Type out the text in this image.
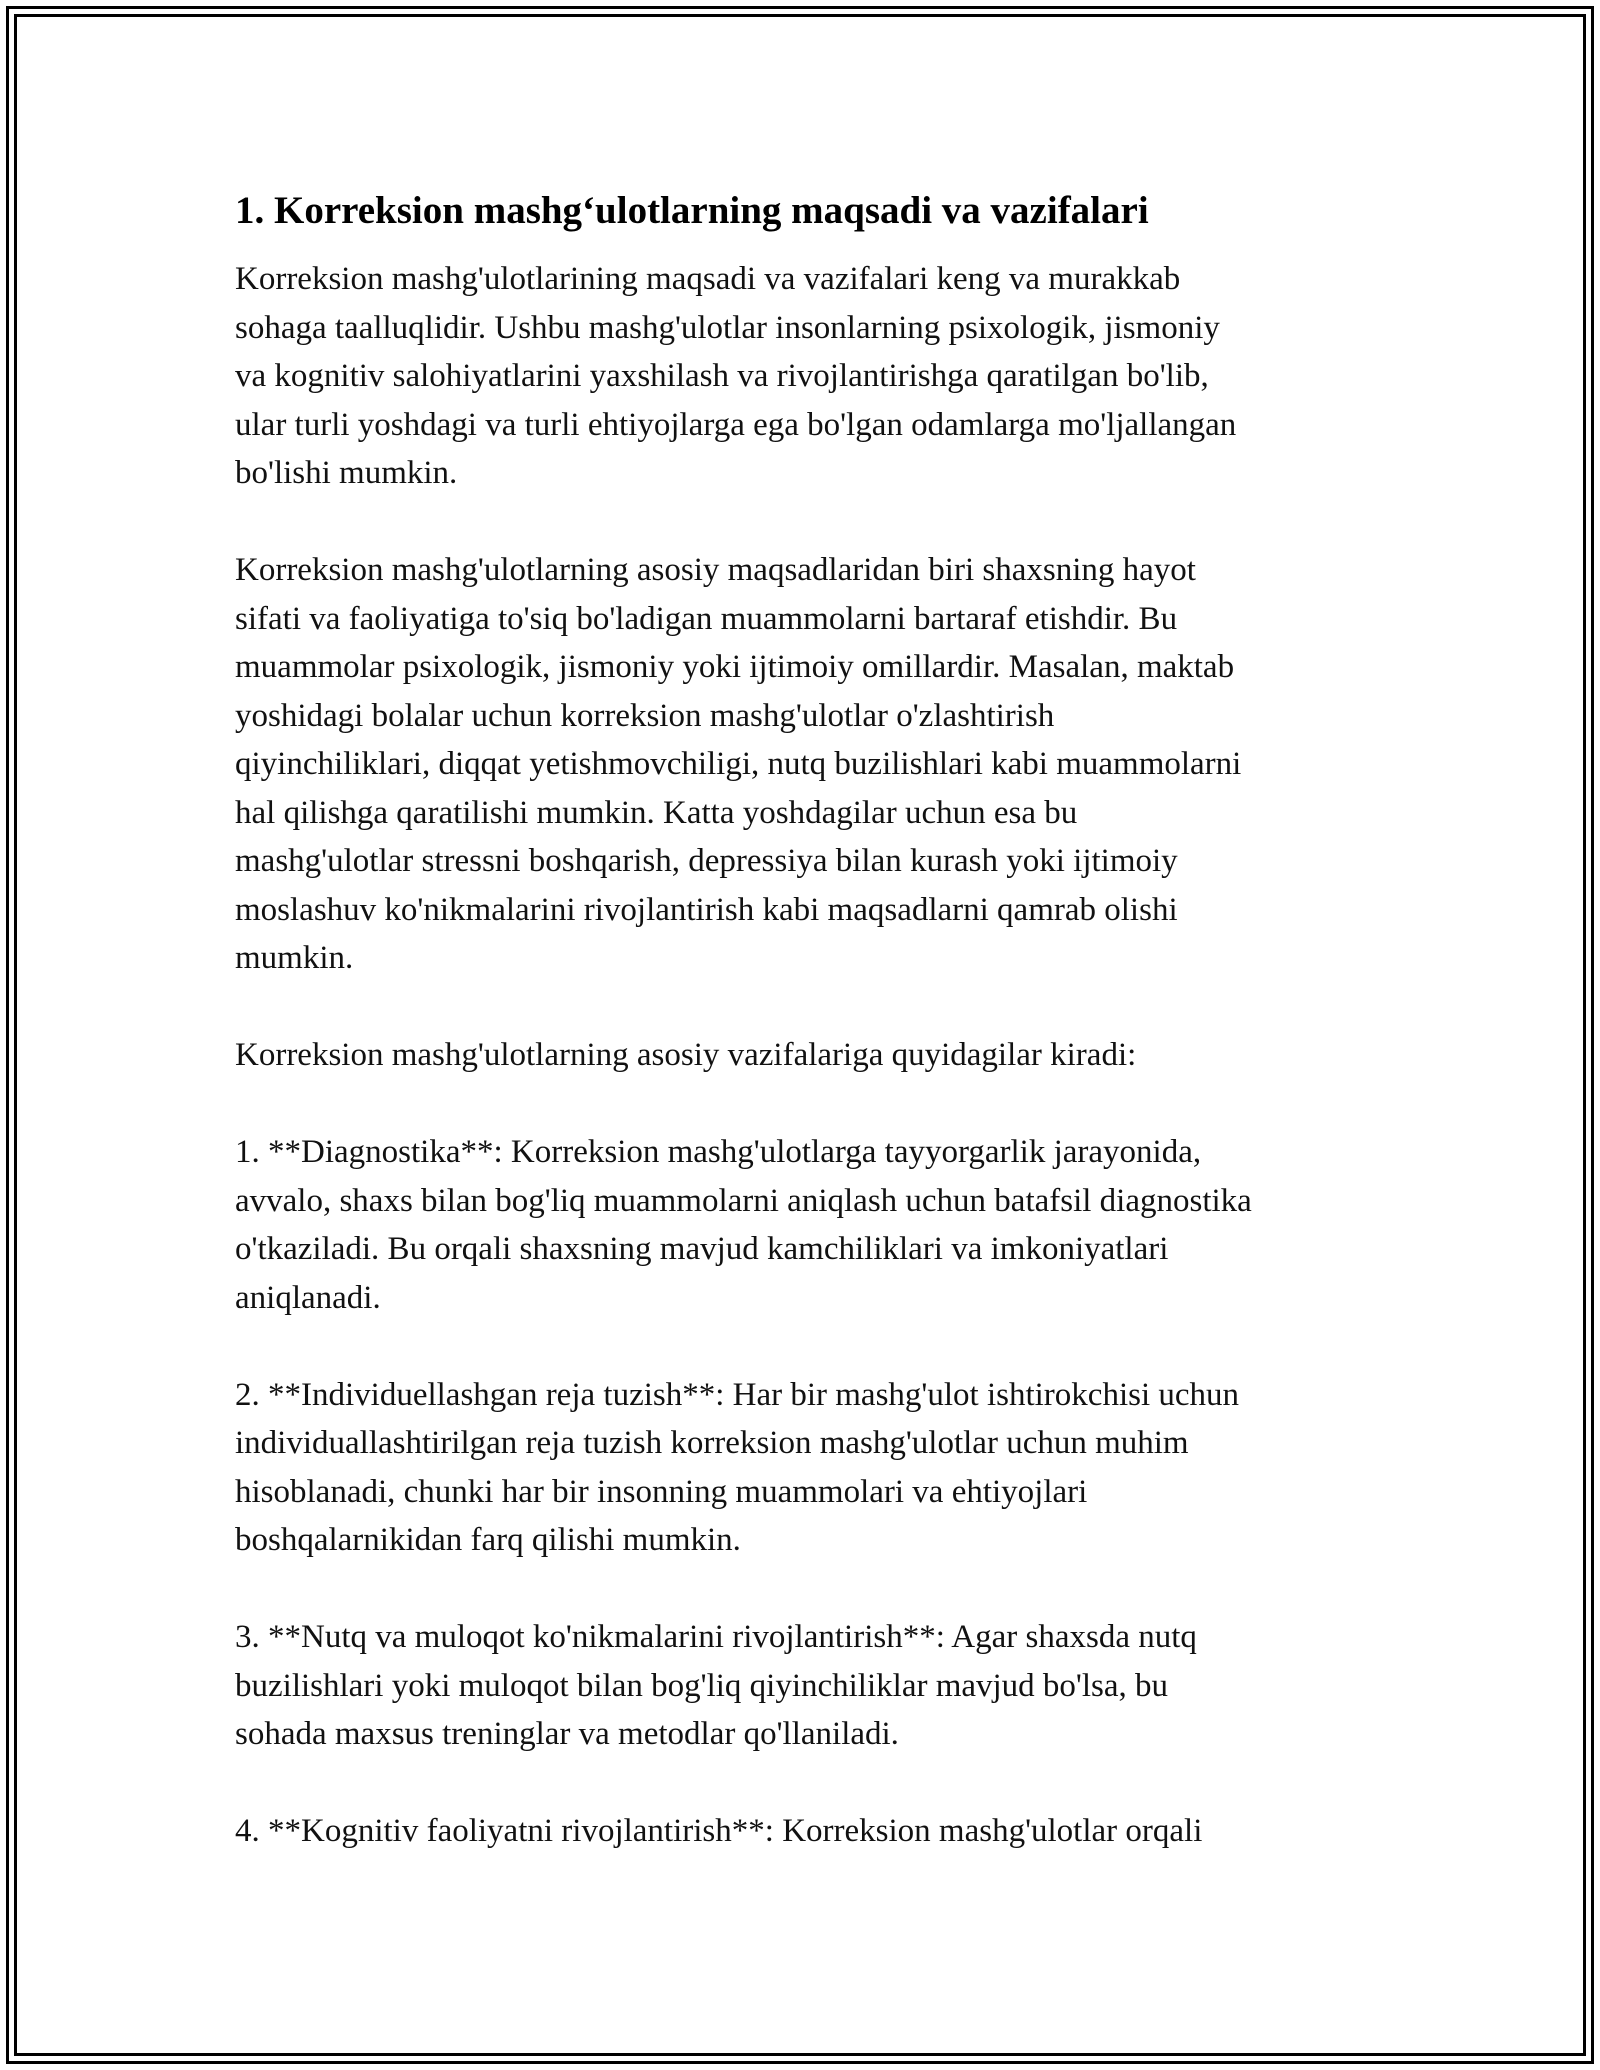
1. Korreksion mashg‘ulotlarning maqsadi va vazifalari

Korreksion mashg'ulotlarining maqsadi va vazifalari keng va murakkab
sohaga taalluqlidir. Ushbu mashg'ulotlar insonlarning psixologik, jismoniy
va kognitiv salohiyatlarini yaxshilash va rivojlantirishga qaratilgan bo'lib,
ular turli yoshdagi va turli ehtiyojlarga ega bo'lgan odamlarga mo'ljallangan
bo'lishi mumkin.

Korreksion mashg'ulotlarning asosiy maqsadlaridan biri shaxsning hayot
sifati va faoliyatiga to'siq bo'ladigan muammolarni bartaraf etishdir. Bu
muammolar psixologik, jismoniy yoki ijtimoiy omillardir. Masalan, maktab
yoshidagi bolalar uchun korreksion mashg'ulotlar o'zlashtirish
qiyinchiliklari, diqqat yetishmovchiligi, nutq buzilishlari kabi muammolarni
hal qilishga qaratilishi mumkin. Katta yoshdagilar uchun esa bu
mashg'ulotlar stressni boshqarish, depressiya bilan kurash yoki ijtimoiy
moslashuv ko'nikmalarini rivojlantirish kabi maqsadlarni qamrab olishi
mumkin.

Korreksion mashg'ulotlarning asosiy vazifalariga quyidagilar kiradi:

1. **Diagnostika**: Korreksion mashg'ulotlarga tayyorgarlik jarayonida,
avvalo, shaxs bilan bog'liq muammolarni aniqlash uchun batafsil diagnostika
o'tkaziladi. Bu orqali shaxsning mavjud kamchiliklari va imkoniyatlari
aniqlanadi.

2. **Individuellashgan reja tuzish**: Har bir mashg'ulot ishtirokchisi uchun
individuallashtirilgan reja tuzish korreksion mashg'ulotlar uchun muhim
hisoblanadi, chunki har bir insonning muammolari va ehtiyojlari
boshqalarnikidan farq qilishi mumkin.

3. **Nutq va muloqot ko'nikmalarini rivojlantirish**: Agar shaxsda nutq
buzilishlari yoki muloqot bilan bog'liq qiyinchiliklar mavjud bo'lsa, bu
sohada maxsus treninglar va metodlar qo'llaniladi.

4. **Kognitiv faoliyatni rivojlantirish**: Korreksion mashg'ulotlar orqali
